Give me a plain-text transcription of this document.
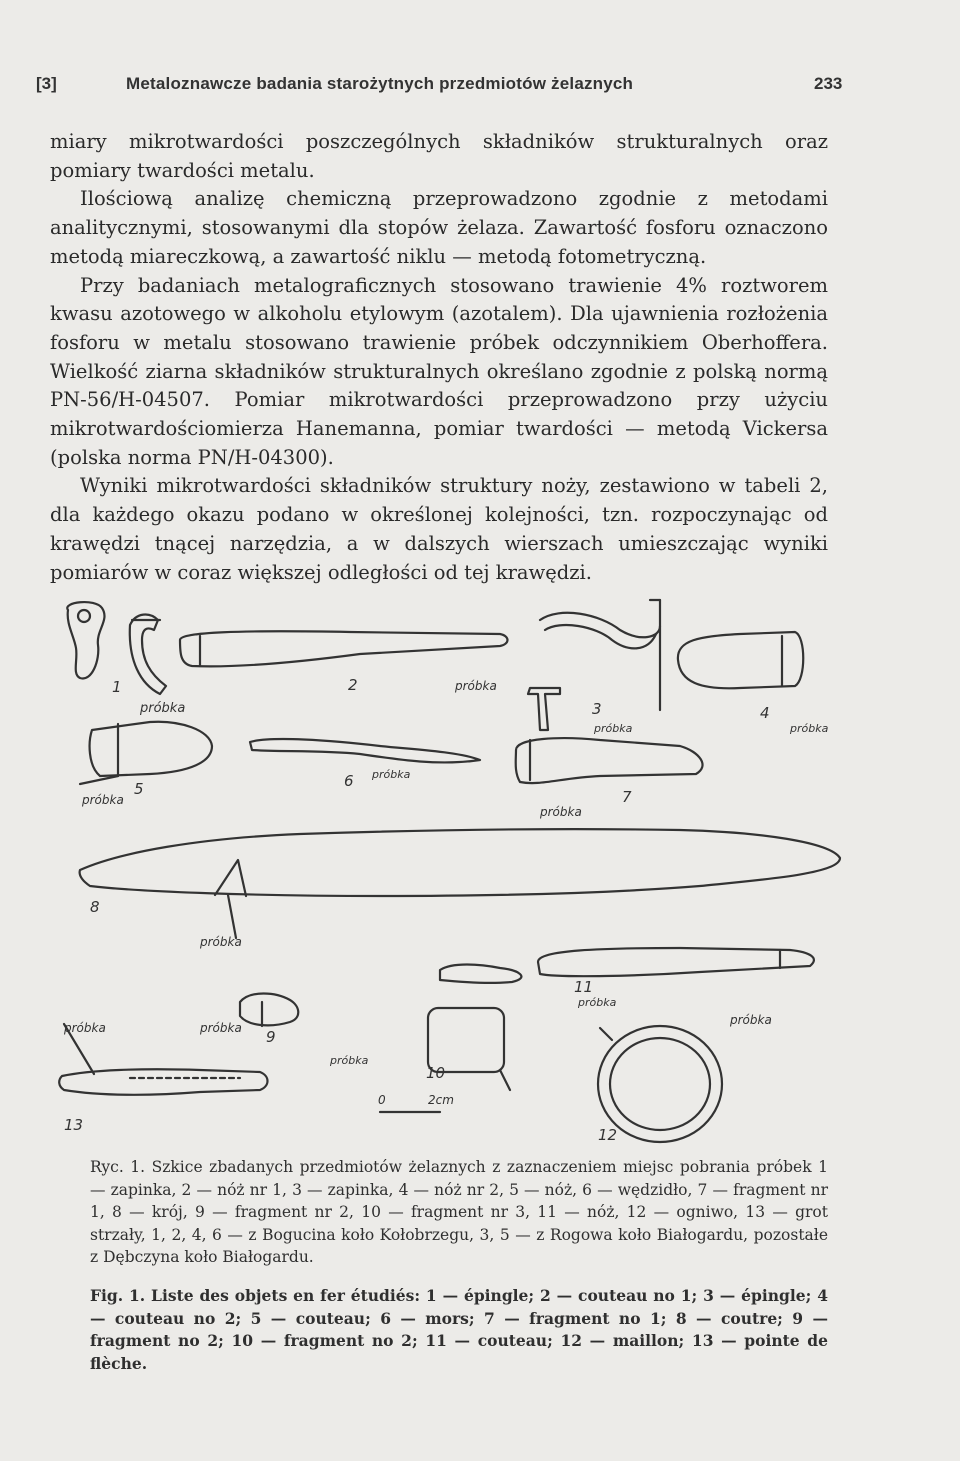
[3]	Metaloznawcze badania starożytnych przedmiotów żelaznych	233

miary mikrotwardości poszczególnych składników strukturalnych oraz pomiary twardości metalu.

Ilościową analizę chemiczną przeprowadzono zgodnie z metodami analitycznymi, stosowanymi dla stopów żelaza. Zawartość fosforu oznaczono metodą miareczkową, a zawartość niklu — metodą fotometryczną.

Przy badaniach metalograficznych stosowano trawienie 4% roztworem kwasu azotowego w alkoholu etylowym (azotalem). Dla ujawnienia rozłożenia fosforu w metalu stosowano trawienie próbek odczynnikiem Oberhoffera. Wielkość ziarna składników strukturalnych określano zgodnie z polską normą PN-56/H-04507. Pomiar mikrotwardości przeprowadzono przy użyciu mikrotwardościomierza Hanemanna, pomiar twardości — metodą Vickersa (polska norma PN/H-04300).

Wyniki mikrotwardości składników struktury noży, zestawiono w tabeli 2, dla każdego okazu podano w określonej kolejności, tzn. rozpoczynając od krawędzi tnącej narzędzia, a w dalszych wierszach umieszczając wyniki pomiarów w coraz większej odległości od tej krawędzi.

1
próbka
2	próbka
3
próbka
4
próbka
5
próbka
6 próbka
7
próbka
8
próbka
11
próbka
próbka
9
próbka
10
próbka
12
13
próbka
0	2cm
Ryc. 1. Szkice zbadanych przedmiotów żelaznych z zaznaczeniem miejsc pobrania próbek 1 — zapinka, 2 — nóż nr 1, 3 — zapinka, 4 — nóż nr 2, 5 — nóż, 6 — wędzidło, 7 — fragment nr 1, 8 — krój, 9 — fragment nr 2, 10 — fragment nr 3, 11 — nóż, 12 — ogniwo, 13 — grot strzały, 1, 2, 4, 6 — z Bogucina koło Kołobrzegu, 3, 5 — z Rogowa koło Białogardu, pozostałe z Dębczyna koło Białogardu.
Fig. 1. Liste des objets en fer étudiés: 1 — épingle; 2 — couteau no 1; 3 — épingle; 4 — couteau no 2; 5 — couteau; 6 — mors; 7 — fragment no 1; 8 — coutre; 9 — fragment no 2; 10 — fragment no 2; 11 — couteau; 12 — maillon; 13 — pointe de flèche.
